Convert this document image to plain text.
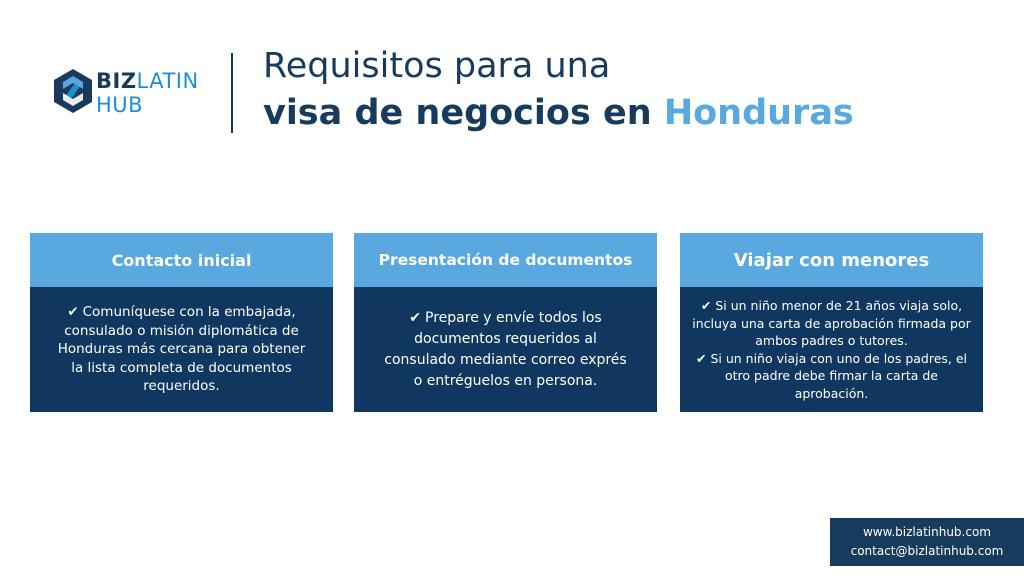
BIZLATIN
HUB
Requisitos para una
visa de negocios en Honduras
Contacto inicial

✔ Comuníquese con la embajada, consulado o misión diplomática de Honduras más cercana para obtener la lista completa de documentos requeridos.

Presentación de documentos

✔ Prepare y envíe todos los documentos requeridos al consulado mediante correo exprés o entréguelos en persona.

Viajar con menores

✔ Si un niño menor de 21 años viaja solo, incluya una carta de aprobación firmada por ambos padres o tutores.

✔ Si un niño viaja con uno de los padres, el otro padre debe firmar la carta de aprobación.

www.bizlatinhub.com
contact@bizlatinhub.com
